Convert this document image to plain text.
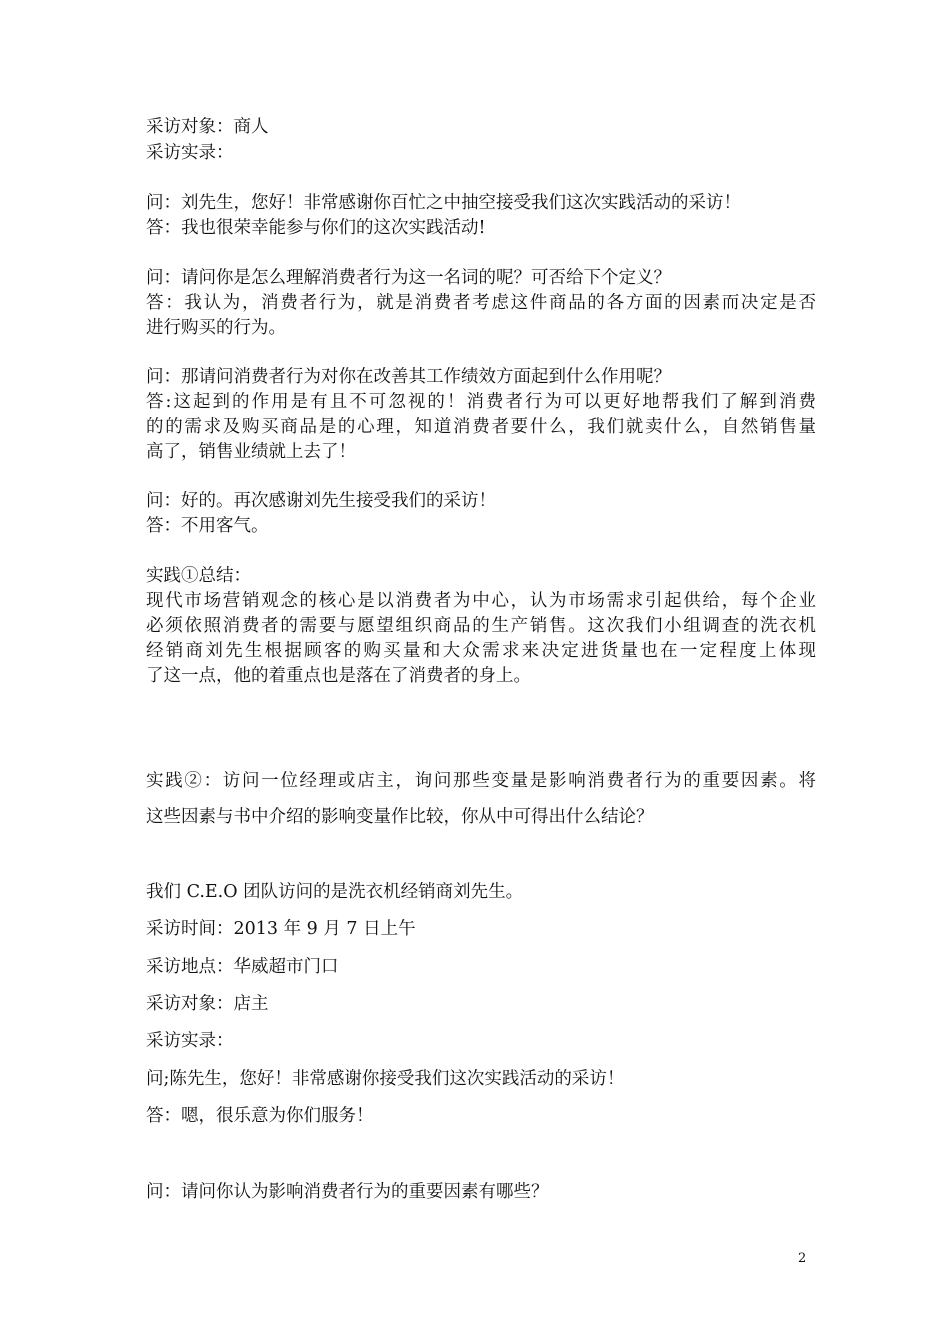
采访对象：商人
采访实录：
问：刘先生，您好！非常感谢你百忙之中抽空接受我们这次实践活动的采访！
答：我也很荣幸能参与你们的这次实践活动!
问：请问你是怎么理解消费者行为这一名词的呢？可否给下个定义？
答：我认为，消费者行为，就是消费者考虑这件商品的各方面的因素而决定是否
进行购买的行为。
问：那请问消费者行为对你在改善其工作绩效方面起到什么作用呢？
答:这起到的作用是有且不可忽视的！消费者行为可以更好地帮我们了解到消费
的的需求及购买商品是的心理，知道消费者要什么，我们就卖什么，自然销售量
高了，销售业绩就上去了！
问：好的。再次感谢刘先生接受我们的采访！
答：不用客气。
实践①总结：
现代市场营销观念的核心是以消费者为中心，认为市场需求引起供给，每个企业
必须依照消费者的需要与愿望组织商品的生产销售。这次我们小组调查的洗衣机
经销商刘先生根据顾客的购买量和大众需求来决定进货量也在一定程度上体现
了这一点，他的着重点也是落在了消费者的身上。
实践②：访问一位经理或店主，询问那些变量是影响消费者行为的重要因素。将
这些因素与书中介绍的影响变量作比较，你从中可得出什么结论？
我们 C.E.O 团队访问的是洗衣机经销商刘先生。
采访时间：2013 年 9 月 7 日上午
采访地点：华威超市门口
采访对象：店主
采访实录：
问;陈先生，您好！非常感谢你接受我们这次实践活动的采访！
答：嗯，很乐意为你们服务！
问：请问你认为影响消费者行为的重要因素有哪些？
2
